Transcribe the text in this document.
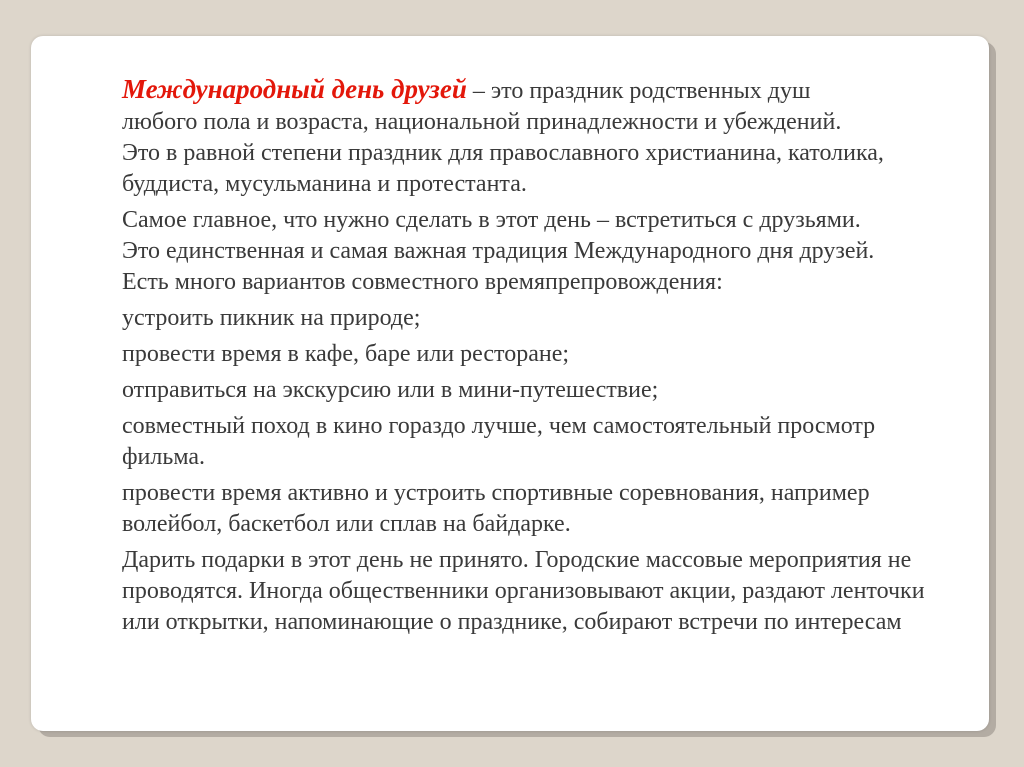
Международный день друзей – это праздник родственных душ
любого пола и возраста, национальной принадлежности и убеждений.
Это в равной степени праздник для православного христианина, католика,
буддиста, мусульманина и протестанта.

Самое главное, что нужно сделать в этот день – встретиться с друзьями.
Это единственная и самая важная традиция Международного дня друзей.
Есть много вариантов совместного времяпрепровождения:

устроить пикник на природе;

провести время в кафе, баре или ресторане;

отправиться на экскурсию или в мини-путешествие;

совместный поход в кино гораздо лучше, чем самостоятельный просмотр
фильма.

провести время активно и устроить спортивные соревнования, например
волейбол, баскетбол или сплав на байдарке.

Дарить подарки в этот день не принято. Городские массовые мероприятия не
проводятся. Иногда общественники организовывают акции, раздают ленточки
или открытки, напоминающие о празднике, собирают встречи по интересам
